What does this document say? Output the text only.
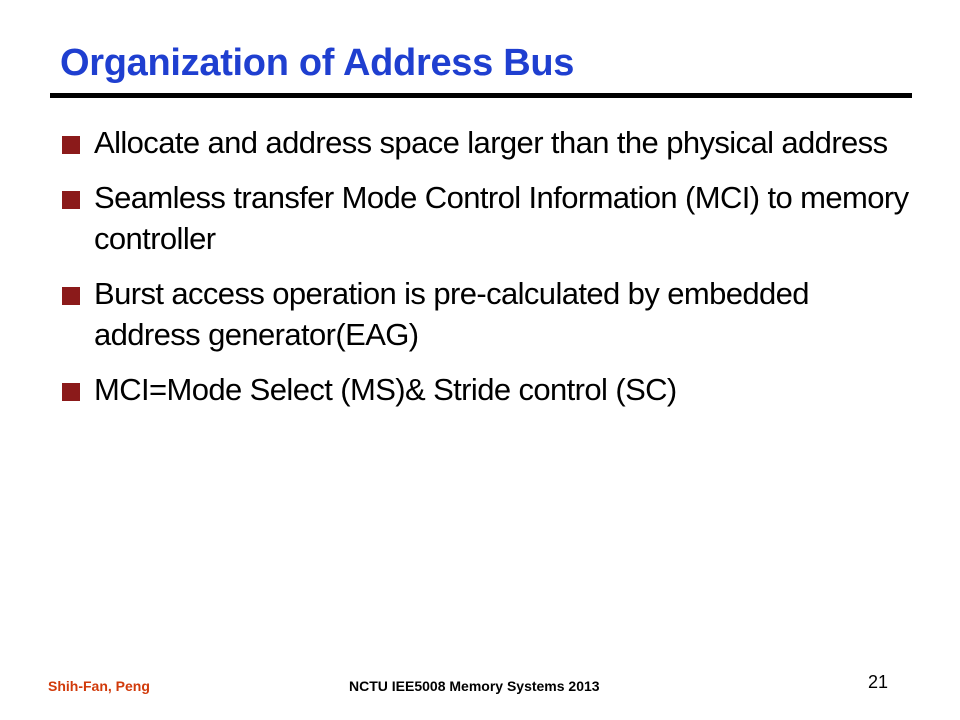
Organization of Address Bus
Allocate and address space larger than the physical address
Seamless transfer Mode Control Information (MCI) to memory controller
Burst access operation is pre-calculated by embedded address generator(EAG)
MCI=Mode Select (MS)& Stride control (SC)
Shih-Fan, Peng	NCTU IEE5008 Memory Systems 2013	21
